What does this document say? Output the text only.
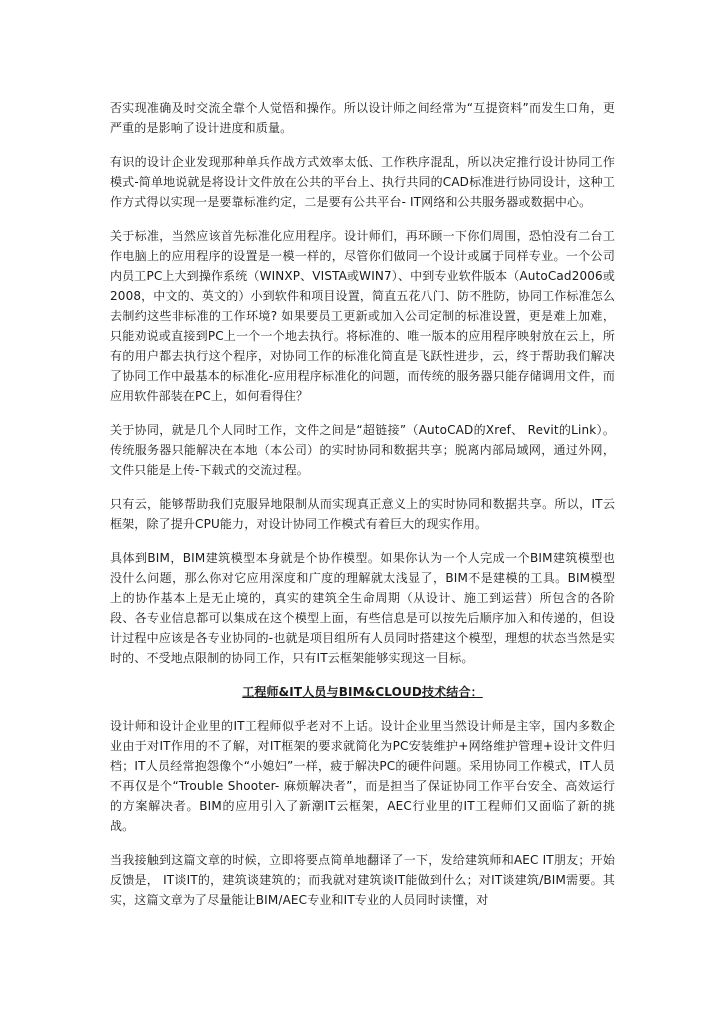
否实现准确及时交流全靠个人觉悟和操作。所以设计师之间经常为“互提资料”而发生口角，更严重的是影响了设计进度和质量。

有识的设计企业发现那种单兵作战方式效率太低、工作秩序混乱，所以决定推行设计协同工作模式-简单地说就是将设计文件放在公共的平台上、执行共同的CAD标准进行协同设计，这种工作方式得以实现一是要靠标准约定，二是要有公共平台- IT网络和公共服务器或数据中心。

关于标准，当然应该首先标准化应用程序。设计师们，再环顾一下你们周围，恐怕没有二台工作电脑上的应用程序的设置是一模一样的，尽管你们做同一个设计或属于同样专业。一个公司内员工PC上大到操作系统（WINXP、VISTA或WIN7）、中到专业软件版本（AutoCad2006或 2008，中文的、英文的）小到软件和项目设置，简直五花八门、防不胜防，协同工作标准怎么去制约这些非标准的工作环境? 如果要员工更新或加入公司定制的标准设置，更是难上加难，只能劝说或直接到PC上一个一个地去执行。将标准的、唯一版本的应用程序映射放在云上，所有的用户都去执行这个程序，对协同工作的标准化简直是飞跃性进步，云，终于帮助我们解决了协同工作中最基本的标准化-应用程序标准化的问题，而传统的服务器只能存储调用文件，而应用软件部装在PC上，如何看得住？

关于协同，就是几个人同时工作，文件之间是“超链接”（AutoCAD的Xref、 Revit的Link）。传统服务器只能解决在本地（本公司）的实时协同和数据共享；脱离内部局域网，通过外网，文件只能是上传-下载式的交流过程。

只有云，能够帮助我们克服异地限制从而实现真正意义上的实时协同和数据共享。所以，IT云框架，除了提升CPU能力，对设计协同工作模式有着巨大的现实作用。

具体到BIM，BIM建筑模型本身就是个协作模型。如果你认为一个人完成一个BIM建筑模型也没什么问题，那么你对它应用深度和广度的理解就太浅显了，BIM不是建模的工具。BIM模型上的协作基本上是无止境的，真实的建筑全生命周期（从设计、施工到运营）所包含的各阶段、各专业信息都可以集成在这个模型上面，有些信息是可以按先后顺序加入和传递的，但设计过程中应该是各专业协同的-也就是项目组所有人员同时搭建这个模型，理想的状态当然是实时的、不受地点限制的协同工作，只有IT云框架能够实现这一目标。

工程师&IT人员与BIM&CLOUD技术结合：

设计师和设计企业里的IT工程师似乎老对不上话。设计企业里当然设计师是主宰，国内多数企业由于对IT作用的不了解，对IT框架的要求就简化为PC安装维护+网络维护管理+设计文件归档；IT人员经常抱怨像个“小媳妇”一样，疲于解决PC的硬件问题。采用协同工作模式，IT人员不再仅是个“Trouble Shooter- 麻烦解决者”，而是担当了保证协同工作平台安全、高效运行的方案解决者。BIM的应用引入了新潮IT云框架，AEC行业里的IT工程师们又面临了新的挑战。

当我接触到这篇文章的时候，立即将要点简单地翻译了一下，发给建筑师和AEC IT朋友；开始反馈是， IT谈IT的，建筑谈建筑的；而我就对建筑谈IT能做到什么；对IT谈建筑/BIM需要。其实，这篇文章为了尽量能让BIM/AEC专业和IT专业的人员同时读懂，对
